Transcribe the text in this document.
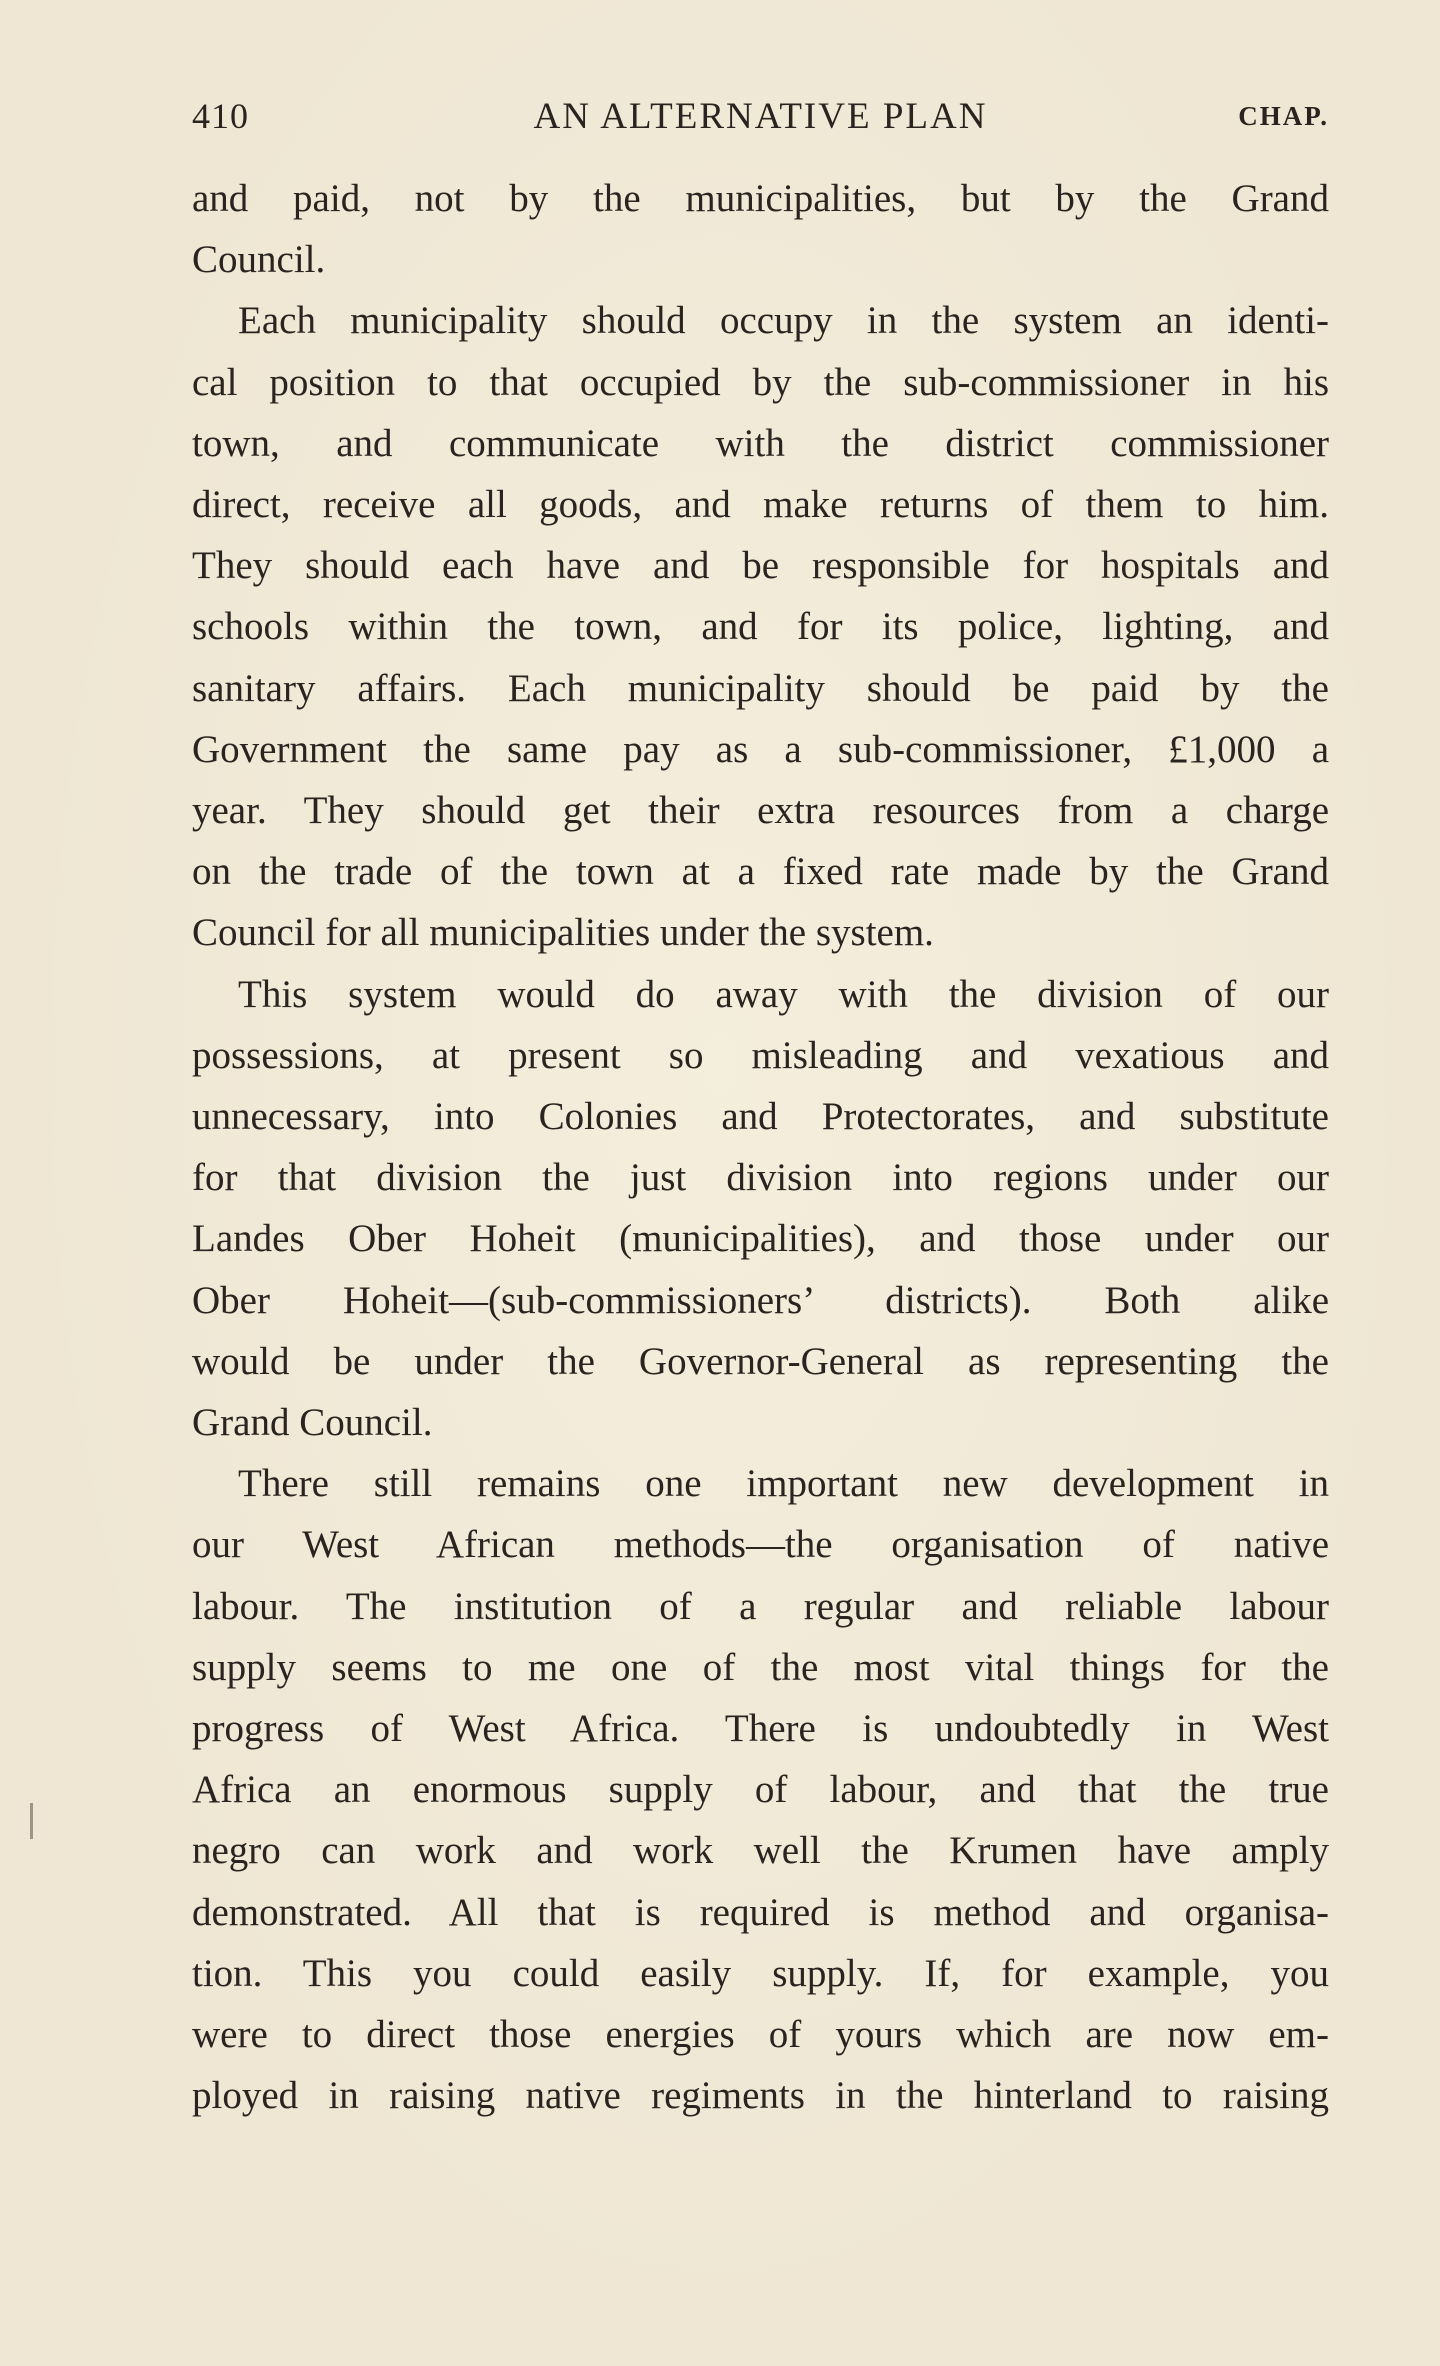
410	AN ALTERNATIVE PLAN	CHAP.
and paid, not by the municipalities, but by the Grand
Council.
Each municipality should occupy in the system an identi-
cal position to that occupied by the sub-commissioner in his
town, and communicate with the district commissioner
direct, receive all goods, and make returns of them to him.
They should each have and be responsible for hospitals and
schools within the town, and for its police, lighting, and
sanitary affairs. Each municipality should be paid by the
Government the same pay as a sub-commissioner, £1,000 a
year. They should get their extra resources from a charge
on the trade of the town at a fixed rate made by the Grand
Council for all municipalities under the system.
This system would do away with the division of our
possessions, at present so misleading and vexatious and
unnecessary, into Colonies and Protectorates, and substitute
for that division the just division into regions under our
Landes Ober Hoheit (municipalities), and those under our
Ober Hoheit—(sub-commissioners’ districts). Both alike
would be under the Governor-General as representing the
Grand Council.
There still remains one important new development in
our West African methods—the organisation of native
labour. The institution of a regular and reliable labour
supply seems to me one of the most vital things for the
progress of West Africa. There is undoubtedly in West
Africa an enormous supply of labour, and that the true
negro can work and work well the Krumen have amply
demonstrated. All that is required is method and organisa-
tion. This you could easily supply. If, for example, you
were to direct those energies of yours which are now em-
ployed in raising native regiments in the hinterland to raising
